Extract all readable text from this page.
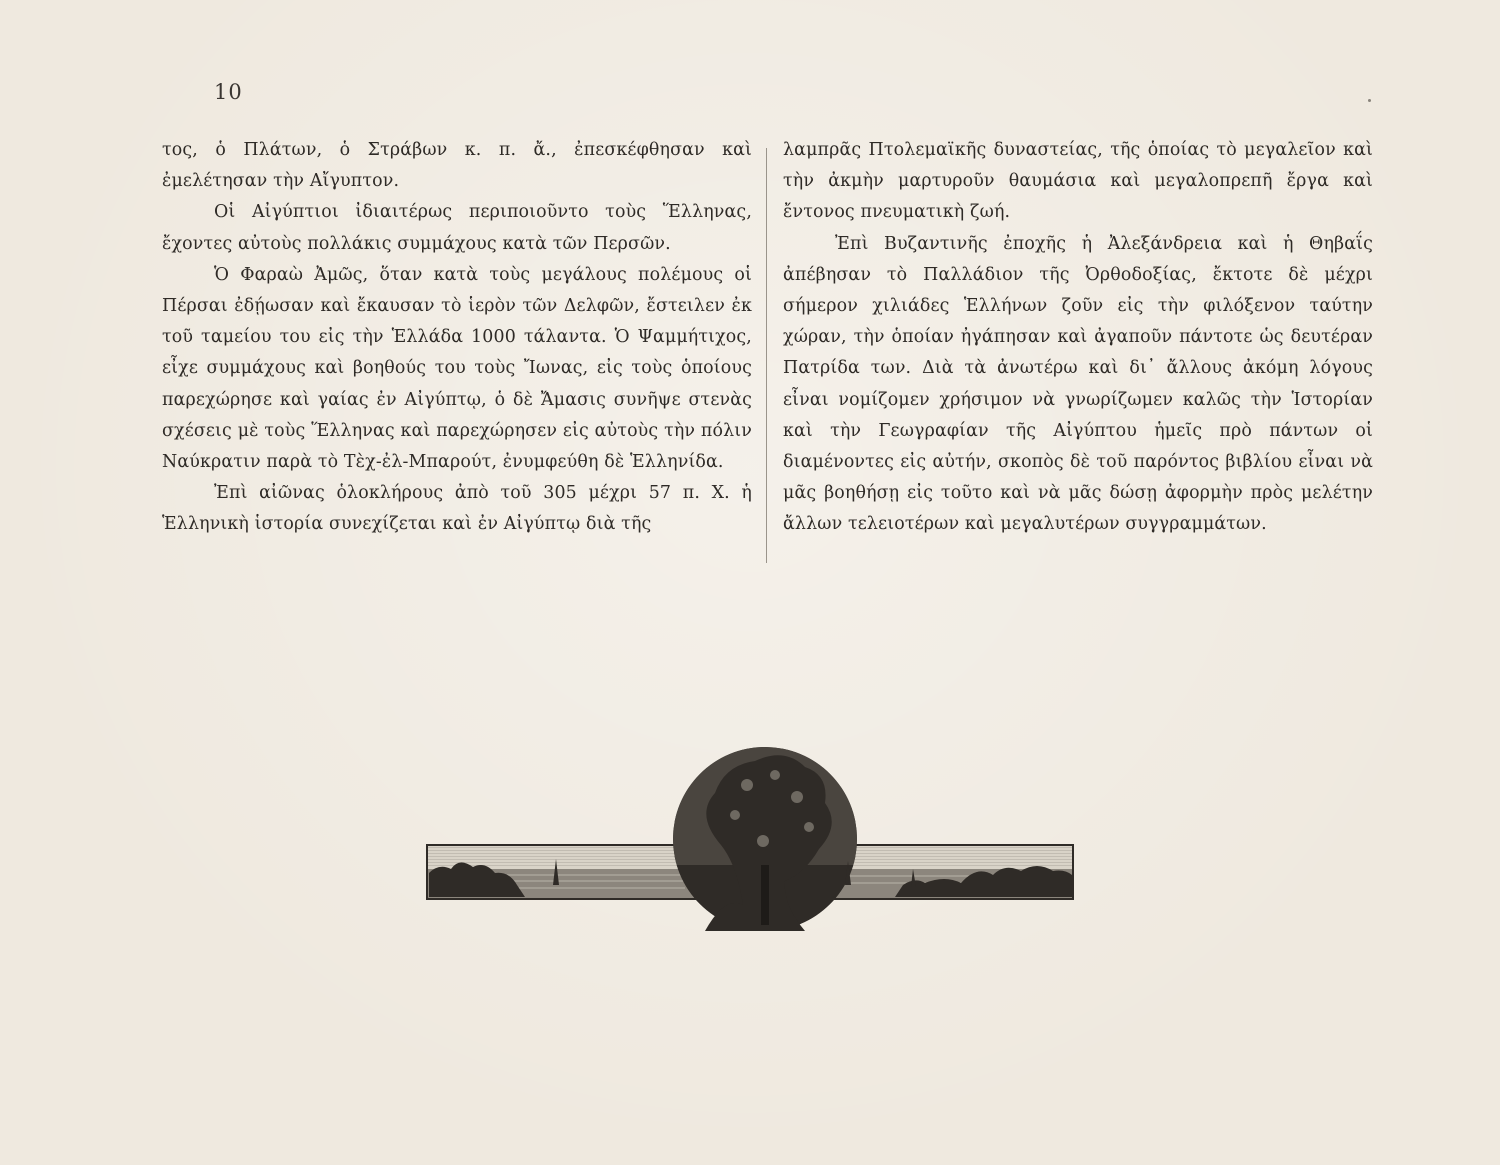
10

τος, ὁ Πλάτων, ὁ Στράβων κ. π. ἄ., ἐπεσκέφθησαν καὶ ἐμελέτησαν τὴν Αἴγυπτον.

Οἱ Αἰγύπτιοι ἰδιαιτέρως περιποιοῦντο τοὺς Ἕλληνας, ἔχοντες αὐτοὺς πολλάκις συμμάχους κατὰ τῶν Περσῶν.

Ὁ Φαραὼ Ἀμῶς, ὅταν κατὰ τοὺς μεγάλους πολέμους οἱ Πέρσαι ἐδῄωσαν καὶ ἔκαυσαν τὸ ἱερὸν τῶν Δελφῶν, ἔστειλεν ἐκ τοῦ ταμείου του εἰς τὴν Ἑλλάδα 1000 τάλαντα. Ὁ Ψαμμήτιχος, εἶχε συμμάχους καὶ βοηθούς του τοὺς Ἴωνας, εἰς τοὺς ὁποίους παρεχώρησε καὶ γαίας ἐν Αἰγύπτῳ, ὁ δὲ Ἄμασις συνῆψε στενὰς σχέσεις μὲ τοὺς Ἕλληνας καὶ παρεχώρησεν εἰς αὐτοὺς τὴν πόλιν Ναύκρατιν παρὰ τὸ Τὲχ-ἐλ-Μπαρούτ, ἐνυμφεύθη δὲ Ἑλληνίδα.

Ἐπὶ αἰῶνας ὁλοκλήρους ἀπὸ τοῦ 305 μέχρι 57 π. Χ. ἡ Ἑλληνικὴ ἱστορία συνεχίζεται καὶ ἐν Αἰγύπτῳ διὰ τῆς

λαμπρᾶς Πτολεμαϊκῆς δυναστείας, τῆς ὁποίας τὸ μεγαλεῖον καὶ τὴν ἀκμὴν μαρτυροῦν θαυμάσια καὶ μεγαλοπρεπῆ ἔργα καὶ ἔντονος πνευματικὴ ζωή.

Ἐπὶ Βυζαντινῆς ἐποχῆς ἡ Ἀλεξάνδρεια καὶ ἡ Θηβαΐς ἀπέβησαν τὸ Παλλάδιον τῆς Ὀρθοδοξίας, ἔκτοτε δὲ μέχρι σήμερον χιλιάδες Ἑλλήνων ζοῦν εἰς τὴν φιλόξενον ταύτην χώραν, τὴν ὁποίαν ἠγάπησαν καὶ ἀγαποῦν πάντοτε ὡς δευτέραν Πατρίδα των. Διὰ τὰ ἀνωτέρω καὶ δι᾽ ἄλλους ἀκόμη λόγους εἶναι νομίζομεν χρήσιμον νὰ γνωρίζωμεν καλῶς τὴν Ἱστορίαν καὶ τὴν Γεωγραφίαν τῆς Αἰγύπτου ἡμεῖς πρὸ πάντων οἱ διαμένοντες εἰς αὐτήν, σκοπὸς δὲ τοῦ παρόντος βιβλίου εἶναι νὰ μᾶς βοηθήσῃ εἰς τοῦτο καὶ νὰ μᾶς δώσῃ ἀφορμὴν πρὸς μελέτην ἄλλων τελειοτέρων καὶ μεγαλυτέρων συγγραμμάτων.
